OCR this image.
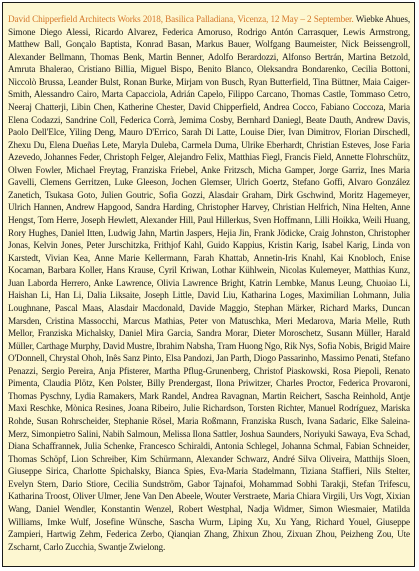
David Chipperfield Architects Works 2018, Basilica Palladiana, Vicenza, 12 May – 2 September. Wiebke Ahues, Simone Diego Alessi, Ricardo Alvarez, Federica Amoruso, Rodrigo Antón Carrasquer, Lewis Armstrong, Matthew Ball, Gonçalo Baptista, Konrad Basan, Markus Bauer, Wolfgang Baumeister, Nick Beissengroll, Alexander Bellmann, Thomas Benk, Martin Benner, Adolfo Berardozzi, Alfonso Bertrán, Martina Betzold, Amruta Bhalerao, Cristiano Billia, Miguel Bispo, Benito Blanco, Oleksandra Bondarenko, Cecilia Bottoni, Niccolò Brussa, Leander Bulst, Ronan Burke, Mirjam von Busch, Ryan Butterfield, Tina Büttner, Maia Caiger-Smith, Alessandro Cairo, Marta Capacciola, Adrián Capelo, Filippo Carcano, Thomas Castle, Tommaso Cetro, Neeraj Chatterji, Libin Chen, Katherine Chester, David Chipperfield, Andrea Cocco, Fabiano Coccoza, Maria Elena Codazzi, Sandrine Coll, Federica Corrà, Jemima Cosby, Bernhard Daniegl, Beate Dauth, Andrew Davis, Paolo Dell'Elce, Yiling Deng, Mauro D'Errico, Sarah Di Latte, Louise Dier, Ivan Dimitrov, Florian Dirschedl, Zhexu Du, Elena Dueñas Lete, Maryla Duleba, Carmela Duma, Ulrike Eberhardt, Christian Esteves, Jose Faria Azevedo, Johannes Feder, Christoph Felger, Alejandro Felix, Matthias Fiegl, Francis Field, Annette Flohrschütz, Olwen Fowler, Michael Freytag, Franziska Friebel, Anke Fritzsch, Micha Gamper, Jorge Garriz, Ines Maria Gavelli, Clemens Gerritzen, Luke Gleeson, Jochen Glemser, Ulrich Goertz, Stefano Goffi, Alvaro González Zanetich, Tsukasa Goto, Julien Goutric, Sofia Gozzi, Alasdair Graham, Dirk Gschwind, Moritz Hagemeyer, Ulrich Hannen, Andrew Hapgood, Sandra Harding, Christopher Harvey, Christian Helfrich, Nina Helten, Anne Hengst, Tom Herre, Joseph Hewlett, Alexander Hill, Paul Hillerkus, Sven Hoffmann, Lilli Hoikka, Weili Huang, Rory Hughes, Daniel Itten, Ludwig Jahn, Martin Jaspers, Hejia Jin, Frank Jödicke, Craig Johnston, Christopher Jonas, Kelvin Jones, Peter Jurschitzka, Frithjof Kahl, Guido Kappius, Kristin Karig, Isabel Karig, Linda von Karstedt, Vivian Kea, Anne Marie Kellermann, Farah Khattab, Annetin-Iris Knahl, Kai Knobloch, Enise Kocaman, Barbara Koller, Hans Krause, Cyril Kriwan, Lothar Kühlwein, Nicolas Kulemeyer, Matthias Kunz, Juan Laborda Herrero, Anke Lawrence, Olivia Lawrence Bright, Katrin Lembke, Manus Leung, Chuoiao Li, Haishan Li, Han Li, Dalia Liksaite, Joseph Little, David Liu, Katharina Loges, Maximilian Lohmann, Julia Loughnane, Pascal Maas, Alasdair Macdonald, Davide Maggio, Stephan Märker, Richard Marks, Duncan Marsden, Cristina Massocchi, Marcus Mathias, Peter von Matuschka, Meri Medarova, Maria Melle, Ruth Mellor, Franziska Michalsky, Daniel Mira Garcia, Sandra Morar, Dieter Moroschetz, Susann Müller, Harald Müller, Carthage Murphy, David Mustre, Ibrahim Nabsha, Tram Huong Ngo, Rik Nys, Sofia Nobis, Brigid Maire O'Donnell, Chrystal Ohoh, Inês Sanz Pinto, Elsa Pandozi, Jan Parth, Diogo Passarinho, Massimo Penati, Stefano Penazzi, Sergio Pereira, Anja Pfisterer, Martha Pflug-Grunenberg, Christof Piaskowski, Rosa Piepoli, Renato Pimenta, Claudia Plötz, Ken Polster, Billy Prendergast, Ilona Priwitzer, Charles Proctor, Federica Provaroni, Thomas Pyschny, Lydia Ramakers, Mark Randel, Andrea Ravagnan, Martin Reichert, Sascha Reinhold, Antje Maxi Reschke, Mònica Resines, Joana Ribeiro, Julie Richardson, Torsten Richter, Manuel Rodríguez, Mariska Rohde, Susan Rohrscheider, Stephanie Rösel, Maria Roßmann, Franziska Rusch, Ivana Sadaric, Elke Saleina-Merz, Simonpietro Salini, Nabih Salmoun, Melissa Ilona Sattler, Joshua Saunders, Noriyuki Sawaya, Eva Schad, Diana Schaffrannek, Julia Schenke, Francesco Schiraldi, Antonia Schlegel, Johanna Schmal, Fabian Schneider, Thomas Schöpf, Lion Schreiber, Kim Schürmann, Alexander Schwarz, André Silva Oliveira, Matthijs Sloen, Giuseppe Sirica, Charlotte Spichalsky, Bianca Spies, Eva-Maria Stadelmann, Tiziana Staffieri, Nils Stelter, Evelyn Stern, Dario Stiore, Cecilia Sundström, Gabor Tajnafoi, Mohammad Sobhi Tarakji, Stefan Trifescu, Katharina Troost, Oliver Ulmer, Jene Van Den Abeele, Wouter Verstraete, Maria Chiara Virgili, Urs Vogt, Xixian Wang, Daniel Wendler, Konstantin Wenzel, Robert Westphal, Nadja Widmer, Simon Wiesmaier, Matilda Williams, Imke Wulf, Josefine Wünsche, Sascha Wurm, Liping Xu, Xu Yang, Richard Youel, Giuseppe Zampieri, Hartwig Zehm, Federica Zerbo, Qianqian Zhang, Zhixun Zhou, Zixuan Zhou, Peizheng Zou, Ute Zscharnt, Carlo Zucchia, Swantje Zwielong.
